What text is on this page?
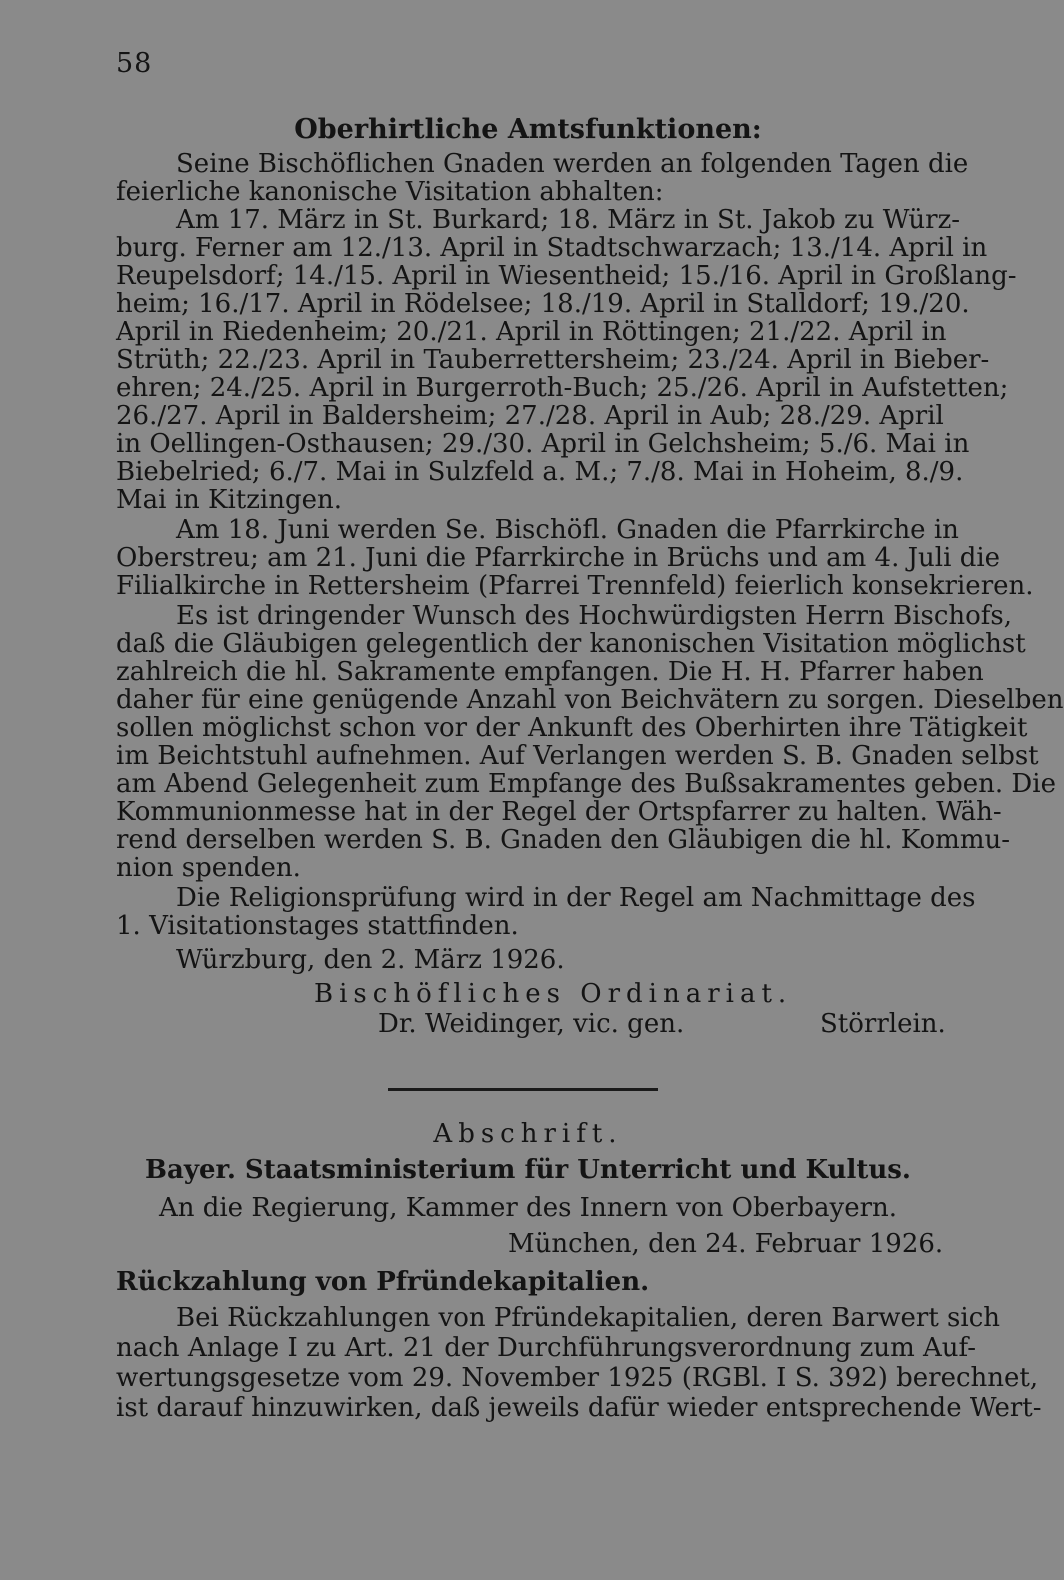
58
Oberhirtliche Amtsfunktionen:
Seine Bischöflichen Gnaden werden an folgenden Tagen die
feierliche kanonische Visitation abhalten:
Am 17. März in St. Burkard; 18. März in St. Jakob zu Würz-
burg. Ferner am 12./13. April in Stadtschwarzach; 13./14. April in
Reupelsdorf; 14./15. April in Wiesentheid; 15./16. April in Großlang-
heim; 16./17. April in Rödelsee; 18./19. April in Stalldorf; 19./20.
April in Riedenheim; 20./21. April in Röttingen; 21./22. April in
Strüth; 22./23. April in Tauberrettersheim; 23./24. April in Bieber-
ehren; 24./25. April in Burgerroth-Buch; 25./26. April in Aufstetten;
26./27. April in Baldersheim; 27./28. April in Aub; 28./29. April
in Oellingen-Osthausen; 29./30. April in Gelchsheim; 5./6. Mai in
Biebelried; 6./7. Mai in Sulzfeld a. M.; 7./8. Mai in Hoheim, 8./9.
Mai in Kitzingen.
Am 18. Juni werden Se. Bischöfl. Gnaden die Pfarrkirche in
Oberstreu; am 21. Juni die Pfarrkirche in Brüchs und am 4. Juli die
Filialkirche in Rettersheim (Pfarrei Trennfeld) feierlich konsekrieren.
Es ist dringender Wunsch des Hochwürdigsten Herrn Bischofs,
daß die Gläubigen gelegentlich der kanonischen Visitation möglichst
zahlreich die hl. Sakramente empfangen. Die H. H. Pfarrer haben
daher für eine genügende Anzahl von Beichvätern zu sorgen. Dieselben
sollen möglichst schon vor der Ankunft des Oberhirten ihre Tätigkeit
im Beichtstuhl aufnehmen. Auf Verlangen werden S. B. Gnaden selbst
am Abend Gelegenheit zum Empfange des Bußsakramentes geben. Die
Kommunionmesse hat in der Regel der Ortspfarrer zu halten. Wäh-
rend derselben werden S. B. Gnaden den Gläubigen die hl. Kommu-
nion spenden.
Die Religionsprüfung wird in der Regel am Nachmittage des
1. Visitationstages stattfinden.
Würzburg, den 2. März 1926.
Bischöfliches Ordinariat.
Dr. Weidinger, vic. gen.	Störrlein.
Abschrift.
Bayer. Staatsministerium für Unterricht und Kultus.
An die Regierung, Kammer des Innern von Oberbayern.
München, den 24. Februar 1926.
Rückzahlung von Pfründekapitalien.
Bei Rückzahlungen von Pfründekapitalien, deren Barwert sich
nach Anlage I zu Art. 21 der Durchführungsverordnung zum Auf-
wertungsgesetze vom 29. November 1925 (RGBl. I S. 392) berechnet,
ist darauf hinzuwirken, daß jeweils dafür wieder entsprechende Wert-
